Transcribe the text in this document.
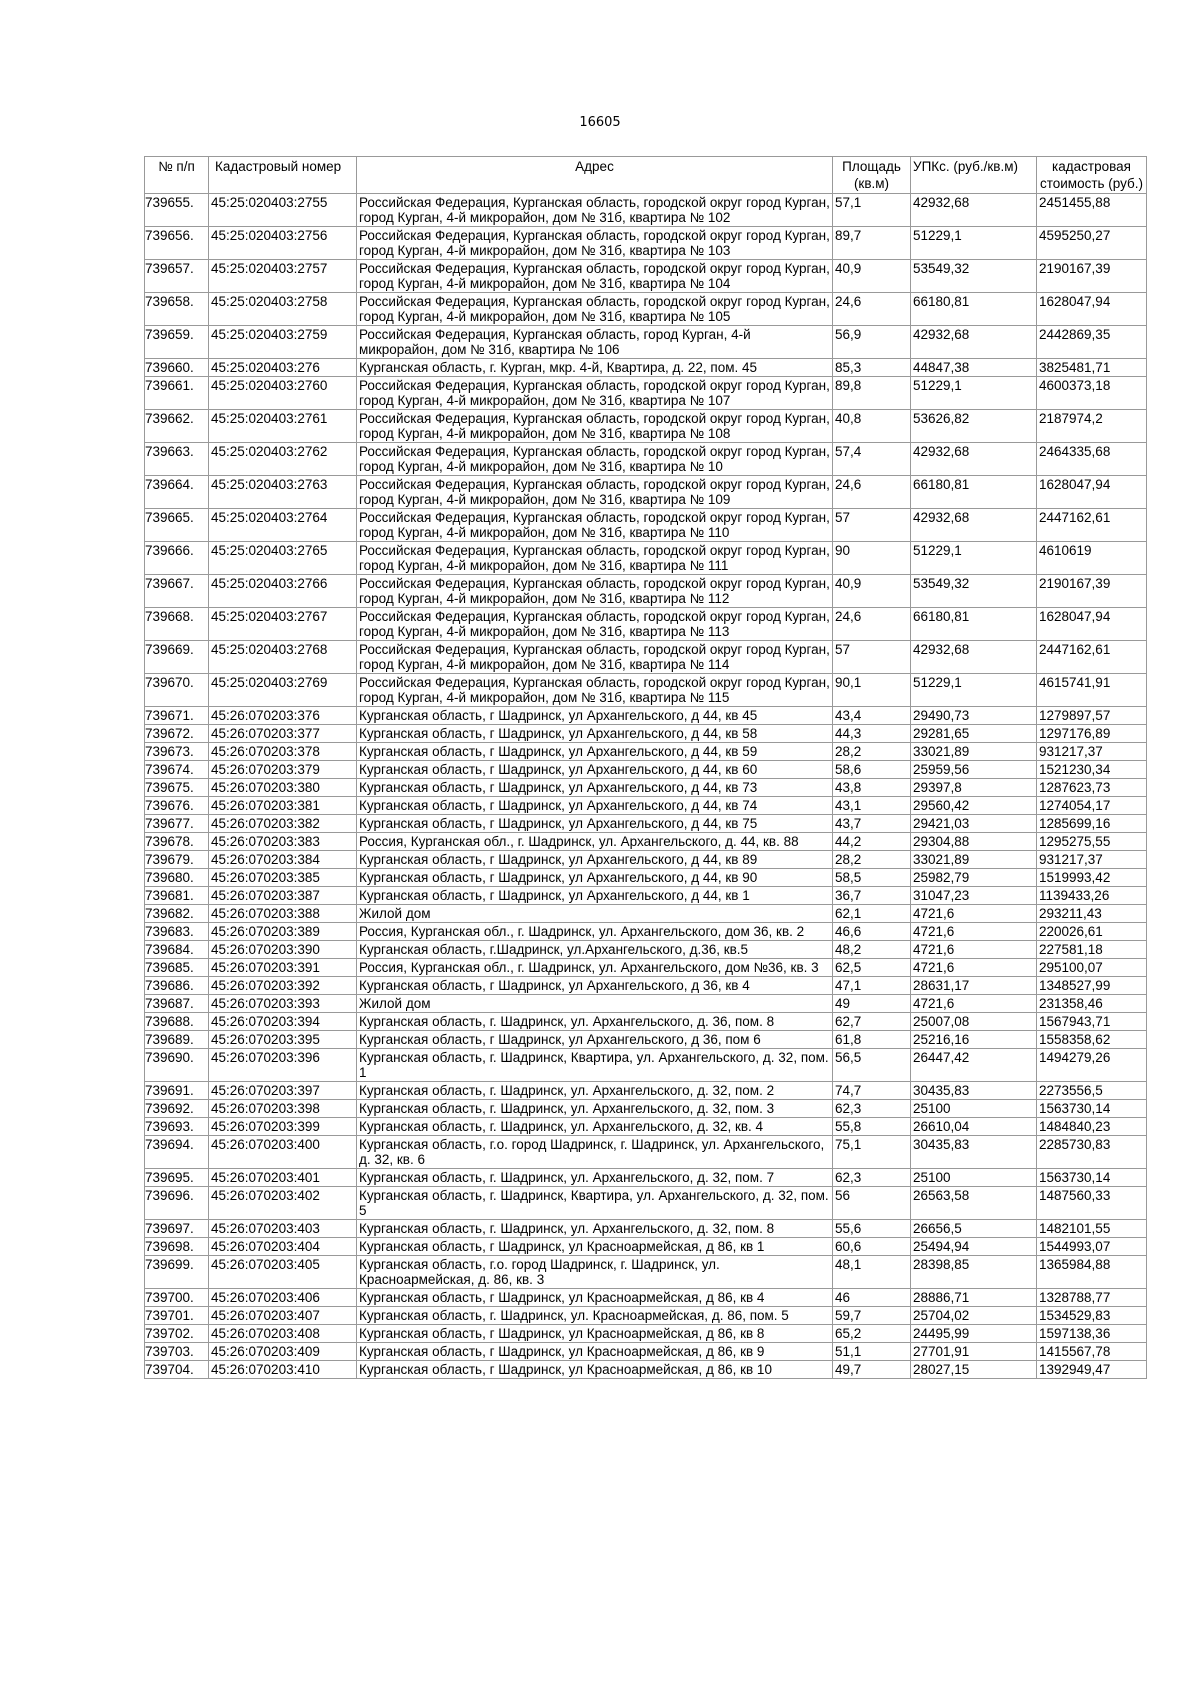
16605
№ п/п	Кадастровый номер	Адрес	Площадь (кв.м)	УПКс. (руб./кв.м)	кадастровая стоимость (руб.)
739655.	45:25:020403:2755	Российская Федерация, Курганская область, городской округ город Курган, город Курган, 4-й микрорайон, дом № 31б, квартира № 102	57,1	42932,68	2451455,88
739656.	45:25:020403:2756	Российская Федерация, Курганская область, городской округ город Курган, город Курган, 4-й микрорайон, дом № 31б, квартира № 103	89,7	51229,1	4595250,27
739657.	45:25:020403:2757	Российская Федерация, Курганская область, городской округ город Курган, город Курган, 4-й микрорайон, дом № 31б, квартира № 104	40,9	53549,32	2190167,39
739658.	45:25:020403:2758	Российская Федерация, Курганская область, городской округ город Курган, город Курган, 4-й микрорайон, дом № 31б, квартира № 105	24,6	66180,81	1628047,94
739659.	45:25:020403:2759	Российская Федерация, Курганская область, город Курган, 4-й микрорайон, дом № 31б, квартира № 106	56,9	42932,68	2442869,35
739660.	45:25:020403:276	Курганская область, г. Курган, мкр. 4-й, Квартира, д. 22, пом. 45	85,3	44847,38	3825481,71
739661.	45:25:020403:2760	Российская Федерация, Курганская область, городской округ город Курган, город Курган, 4-й микрорайон, дом № 31б, квартира № 107	89,8	51229,1	4600373,18
739662.	45:25:020403:2761	Российская Федерация, Курганская область, городской округ город Курган, город Курган, 4-й микрорайон, дом № 31б, квартира № 108	40,8	53626,82	2187974,2
739663.	45:25:020403:2762	Российская Федерация, Курганская область, городской округ город Курган, город Курган, 4-й микрорайон, дом № 31б, квартира № 10	57,4	42932,68	2464335,68
739664.	45:25:020403:2763	Российская Федерация, Курганская область, городской округ город Курган, город Курган, 4-й микрорайон, дом № 31б, квартира № 109	24,6	66180,81	1628047,94
739665.	45:25:020403:2764	Российская Федерация, Курганская область, городской округ город Курган, город Курган, 4-й микрорайон, дом № 31б, квартира № 110	57	42932,68	2447162,61
739666.	45:25:020403:2765	Российская Федерация, Курганская область, городской округ город Курган, город Курган, 4-й микрорайон, дом № 31б, квартира № 111	90	51229,1	4610619
739667.	45:25:020403:2766	Российская Федерация, Курганская область, городской округ город Курган, город Курган, 4-й микрорайон, дом № 31б, квартира № 112	40,9	53549,32	2190167,39
739668.	45:25:020403:2767	Российская Федерация, Курганская область, городской округ город Курган, город Курган, 4-й микрорайон, дом № 31б, квартира № 113	24,6	66180,81	1628047,94
739669.	45:25:020403:2768	Российская Федерация, Курганская область, городской округ город Курган, город Курган, 4-й микрорайон, дом № 31б, квартира № 114	57	42932,68	2447162,61
739670.	45:25:020403:2769	Российская Федерация, Курганская область, городской округ город Курган, город Курган, 4-й микрорайон, дом № 31б, квартира № 115	90,1	51229,1	4615741,91
739671.	45:26:070203:376	Курганская область, г Шадринск, ул Архангельского, д 44, кв 45	43,4	29490,73	1279897,57
739672.	45:26:070203:377	Курганская область, г Шадринск, ул Архангельского, д 44, кв 58	44,3	29281,65	1297176,89
739673.	45:26:070203:378	Курганская область, г Шадринск, ул Архангельского, д 44, кв 59	28,2	33021,89	931217,37
739674.	45:26:070203:379	Курганская область, г Шадринск, ул Архангельского, д 44, кв 60	58,6	25959,56	1521230,34
739675.	45:26:070203:380	Курганская область, г Шадринск, ул Архангельского, д 44, кв 73	43,8	29397,8	1287623,73
739676.	45:26:070203:381	Курганская область, г Шадринск, ул Архангельского, д 44, кв 74	43,1	29560,42	1274054,17
739677.	45:26:070203:382	Курганская область, г Шадринск, ул Архангельского, д 44, кв 75	43,7	29421,03	1285699,16
739678.	45:26:070203:383	Россия, Курганская обл., г. Шадринск, ул. Архангельского, д. 44, кв. 88	44,2	29304,88	1295275,55
739679.	45:26:070203:384	Курганская область, г Шадринск, ул Архангельского, д 44, кв 89	28,2	33021,89	931217,37
739680.	45:26:070203:385	Курганская область, г Шадринск, ул Архангельского, д 44, кв 90	58,5	25982,79	1519993,42
739681.	45:26:070203:387	Курганская область, г Шадринск, ул Архангельского, д 44, кв 1	36,7	31047,23	1139433,26
739682.	45:26:070203:388	Жилой дом	62,1	4721,6	293211,43
739683.	45:26:070203:389	Россия, Курганская обл., г. Шадринск, ул. Архангельского, дом 36, кв. 2	46,6	4721,6	220026,61
739684.	45:26:070203:390	Курганская область, г.Шадринск, ул.Архангельского, д.36, кв.5	48,2	4721,6	227581,18
739685.	45:26:070203:391	Россия, Курганская обл., г. Шадринск, ул. Архангельского, дом №36, кв. 3	62,5	4721,6	295100,07
739686.	45:26:070203:392	Курганская область, г Шадринск, ул Архангельского, д 36, кв 4	47,1	28631,17	1348527,99
739687.	45:26:070203:393	Жилой дом	49	4721,6	231358,46
739688.	45:26:070203:394	Курганская область, г. Шадринск, ул. Архангельского, д. 36, пом. 8	62,7	25007,08	1567943,71
739689.	45:26:070203:395	Курганская область, г Шадринск, ул Архангельского, д 36, пом 6	61,8	25216,16	1558358,62
739690.	45:26:070203:396	Курганская область, г. Шадринск, Квартира, ул. Архангельского, д. 32, пом. 1	56,5	26447,42	1494279,26
739691.	45:26:070203:397	Курганская область, г. Шадринск, ул. Архангельского, д. 32, пом. 2	74,7	30435,83	2273556,5
739692.	45:26:070203:398	Курганская область, г. Шадринск, ул. Архангельского, д. 32, пом. 3	62,3	25100	1563730,14
739693.	45:26:070203:399	Курганская область, г. Шадринск, ул. Архангельского, д. 32, кв. 4	55,8	26610,04	1484840,23
739694.	45:26:070203:400	Курганская область, г.о. город Шадринск, г. Шадринск, ул. Архангельского, д. 32, кв. 6	75,1	30435,83	2285730,83
739695.	45:26:070203:401	Курганская область, г. Шадринск, ул. Архангельского, д. 32, пом. 7	62,3	25100	1563730,14
739696.	45:26:070203:402	Курганская область, г. Шадринск, Квартира, ул. Архангельского, д. 32, пом. 5	56	26563,58	1487560,33
739697.	45:26:070203:403	Курганская область, г. Шадринск, ул. Архангельского, д. 32, пом. 8	55,6	26656,5	1482101,55
739698.	45:26:070203:404	Курганская область, г Шадринск, ул Красноармейская, д 86, кв 1	60,6	25494,94	1544993,07
739699.	45:26:070203:405	Курганская область, г.о. город Шадринск, г. Шадринск, ул. Красноармейская, д. 86, кв. 3	48,1	28398,85	1365984,88
739700.	45:26:070203:406	Курганская область, г Шадринск, ул Красноармейская, д 86, кв 4	46	28886,71	1328788,77
739701.	45:26:070203:407	Курганская область, г. Шадринск, ул. Красноармейская, д. 86, пом. 5	59,7	25704,02	1534529,83
739702.	45:26:070203:408	Курганская область, г Шадринск, ул Красноармейская, д 86, кв 8	65,2	24495,99	1597138,36
739703.	45:26:070203:409	Курганская область, г Шадринск, ул Красноармейская, д 86, кв 9	51,1	27701,91	1415567,78
739704.	45:26:070203:410	Курганская область, г Шадринск, ул Красноармейская, д 86, кв 10	49,7	28027,15	1392949,47
